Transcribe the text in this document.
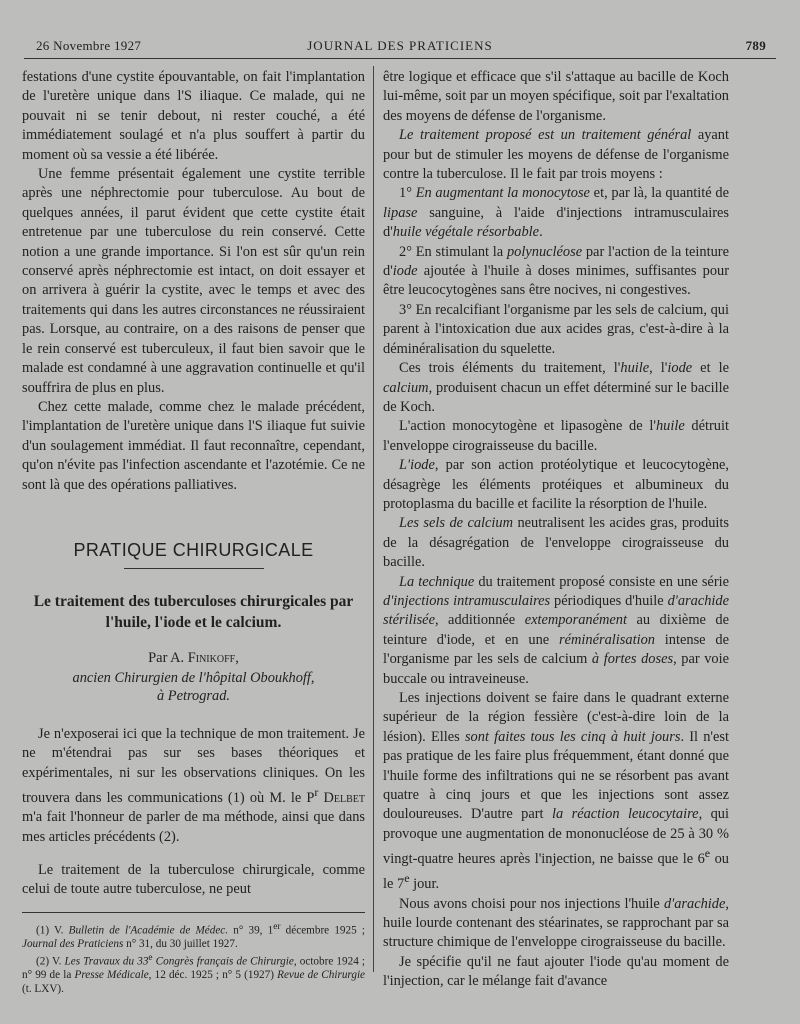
26 Novembre 1927	JOURNAL DES PRATICIENS	789

festations d'une cystite épouvantable, on fait l'implantation de l'uretère unique dans l'S iliaque. Ce malade, qui ne pouvait ni se tenir debout, ni rester couché, a été immédiatement soulagé et n'a plus souffert à partir du moment où sa vessie a été libérée.

Une femme présentait également une cystite terrible après une néphrectomie pour tuberculose. Au bout de quelques années, il parut évident que cette cystite était entretenue par une tuberculose du rein conservé. Cette notion a une grande importance. Si l'on est sûr qu'un rein conservé après néphrectomie est intact, on doit essayer et on arrivera à guérir la cystite, avec le temps et avec des traitements qui dans les autres circonstances ne réussiraient pas. Lorsque, au contraire, on a des raisons de penser que le rein conservé est tuberculeux, il faut bien savoir que le malade est condamné à une aggravation continuelle et qu'il souffrira de plus en plus.

Chez cette malade, comme chez le malade précédent, l'implantation de l'uretère unique dans l'S iliaque fut suivie d'un soulagement immédiat. Il faut reconnaître, cependant, qu'on n'évite pas l'infection ascendante et l'azotémie. Ce ne sont là que des opérations palliatives.

PRATIQUE CHIRURGICALE
Le traitement des tuberculoses chirurgicales par l'huile, l'iode et le calcium.
Par A. Finikoff,
ancien Chirurgien de l'hôpital Oboukhoff,
à Petrograd.

Je n'exposerai ici que la technique de mon traitement. Je ne m'étendrai pas sur ses bases théoriques et expérimentales, ni sur les observations cliniques. On les trouvera dans les communications (1) où M. le $P^r$ Delbet m'a fait l'honneur de parler de ma méthode, ainsi que dans mes articles précédents (2).

Le traitement de la tuberculose chirurgicale, comme celui de toute autre tuberculose, ne peut

(1) V. Bulletin de l'Académie de Médec. n° 39, 1er décembre 1925 ; Journal des Praticiens n° 31, du 30 juillet 1927.

(2) V. Les Travaux du 33e Congrès français de Chirurgie, octobre 1924 ; n° 99 de la Presse Médicale, 12 déc. 1925 ; n° 5 (1927) Revue de Chirurgie (t. LXV).

être logique et efficace que s'il s'attaque au bacille de Koch lui-même, soit par un moyen spécifique, soit par l'exaltation des moyens de défense de l'organisme.

Le traitement proposé est un traitement général ayant pour but de stimuler les moyens de défense de l'organisme contre la tuberculose. Il le fait par trois moyens :

1° En augmentant la monocytose et, par là, la quantité de lipase sanguine, à l'aide d'injections intramusculaires d'huile végétale résorbable.

2° En stimulant la polynucléose par l'action de la teinture d'iode ajoutée à l'huile à doses minimes, suffisantes pour être leucocytogènes sans être nocives, ni congestives.

3° En recalcifiant l'organisme par les sels de calcium, qui parent à l'intoxication due aux acides gras, c'est-à-dire à la déminéralisation du squelette.

Ces trois éléments du traitement, l'huile, l'iode et le calcium, produisent chacun un effet déterminé sur le bacille de Koch.

L'action monocytogène et lipasogène de l'huile détruit l'enveloppe cirograisseuse du bacille.

L'iode, par son action protéolytique et leucocytogène, désagrège les éléments protéiques et albumineux du protoplasma du bacille et facilite la résorption de l'huile.

Les sels de calcium neutralisent les acides gras, produits de la désagrégation de l'enveloppe cirograisseuse du bacille.

La technique du traitement proposé consiste en une série d'injections intramusculaires périodiques d'huile d'arachide stérilisée, additionnée extemporanément au dixième de teinture d'iode, et en une réminéralisation intense de l'organisme par les sels de calcium à fortes doses, par voie buccale ou intraveineuse.

Les injections doivent se faire dans le quadrant externe supérieur de la région fessière (c'est-à-dire loin de la lésion). Elles sont faites tous les cinq à huit jours. Il n'est pas pratique de les faire plus fréquemment, étant donné que l'huile forme des infiltrations qui ne se résorbent pas avant quatre à cinq jours et que les injections sont assez douloureuses. D'autre part la réaction leucocytaire, qui provoque une augmentation de mononucléose de 25 à 30 % vingt-quatre heures après l'injection, ne baisse que le 6e ou le 7e jour.

Nous avons choisi pour nos injections l'huile d'arachide, huile lourde contenant des stéarinates, se rapprochant par sa structure chimique de l'enveloppe cirograisseuse du bacille.

Je spécifie qu'il ne faut ajouter l'iode qu'au moment de l'injection, car le mélange fait d'avance
